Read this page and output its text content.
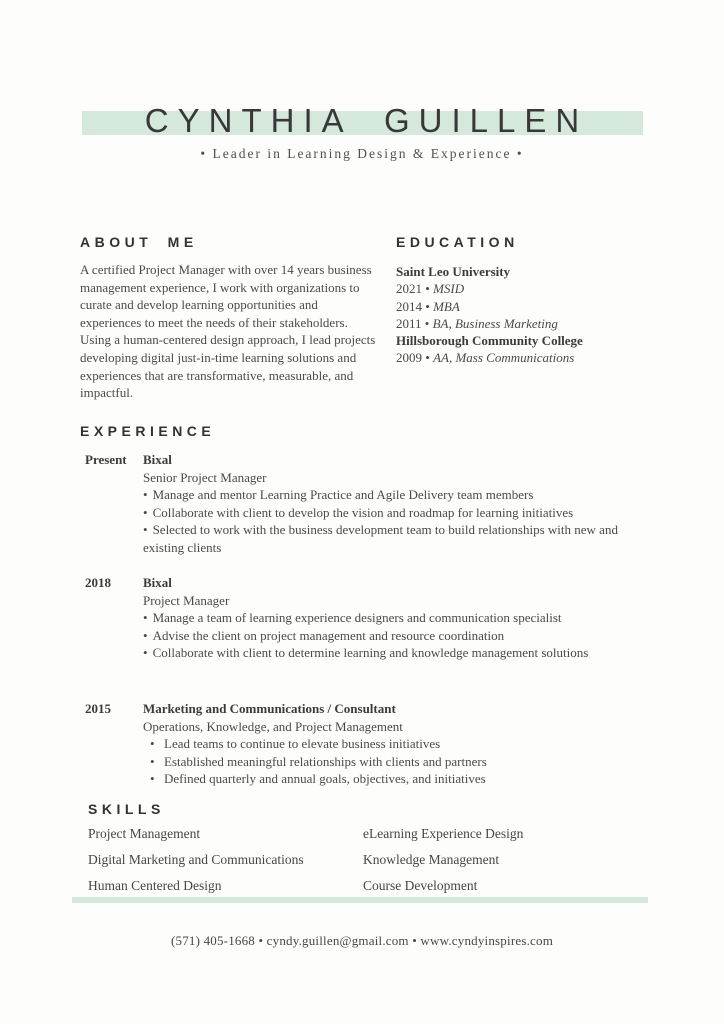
CYNTHIA GUILLEN
• Leader in Learning Design & Experience •
ABOUT ME

A certified Project Manager with over 14 years business management experience, I work with organizations to curate and develop learning opportunities and experiences to meet the needs of their stakeholders. Using a human-centered design approach, I lead projects developing digital just-in-time learning solutions and experiences that are transformative, measurable, and impactful.

EDUCATION
Saint Leo University
2021 • MSID
2014 • MBA
2011 • BA, Business Marketing
Hillsborough Community College
2009 • AA, Mass Communications
EXPERIENCE
Present	Bixal
Senior Project Manager
• Manage and mentor Learning Practice and Agile Delivery team members
• Collaborate with client to develop the vision and roadmap for learning initiatives
• Selected to work with the business development team to build relationships with new and existing clients
2018	Bixal
Project Manager
• Manage a team of learning experience designers and communication specialist
• Advise the client on project management and resource coordination
• Collaborate with client to determine learning and knowledge management solutions
2015	Marketing and Communications / Consultant
Operations, Knowledge, and Project Management
• Lead teams to continue to elevate business initiatives
• Established meaningful relationships with clients and partners
• Defined quarterly and annual goals, objectives, and initiatives
SKILLS
Project Management	eLearning Experience Design
Digital Marketing and Communications	Knowledge Management
Human Centered Design	Course Development
(571) 405-1668 • cyndy.guillen@gmail.com • www.cyndyinspires.com
